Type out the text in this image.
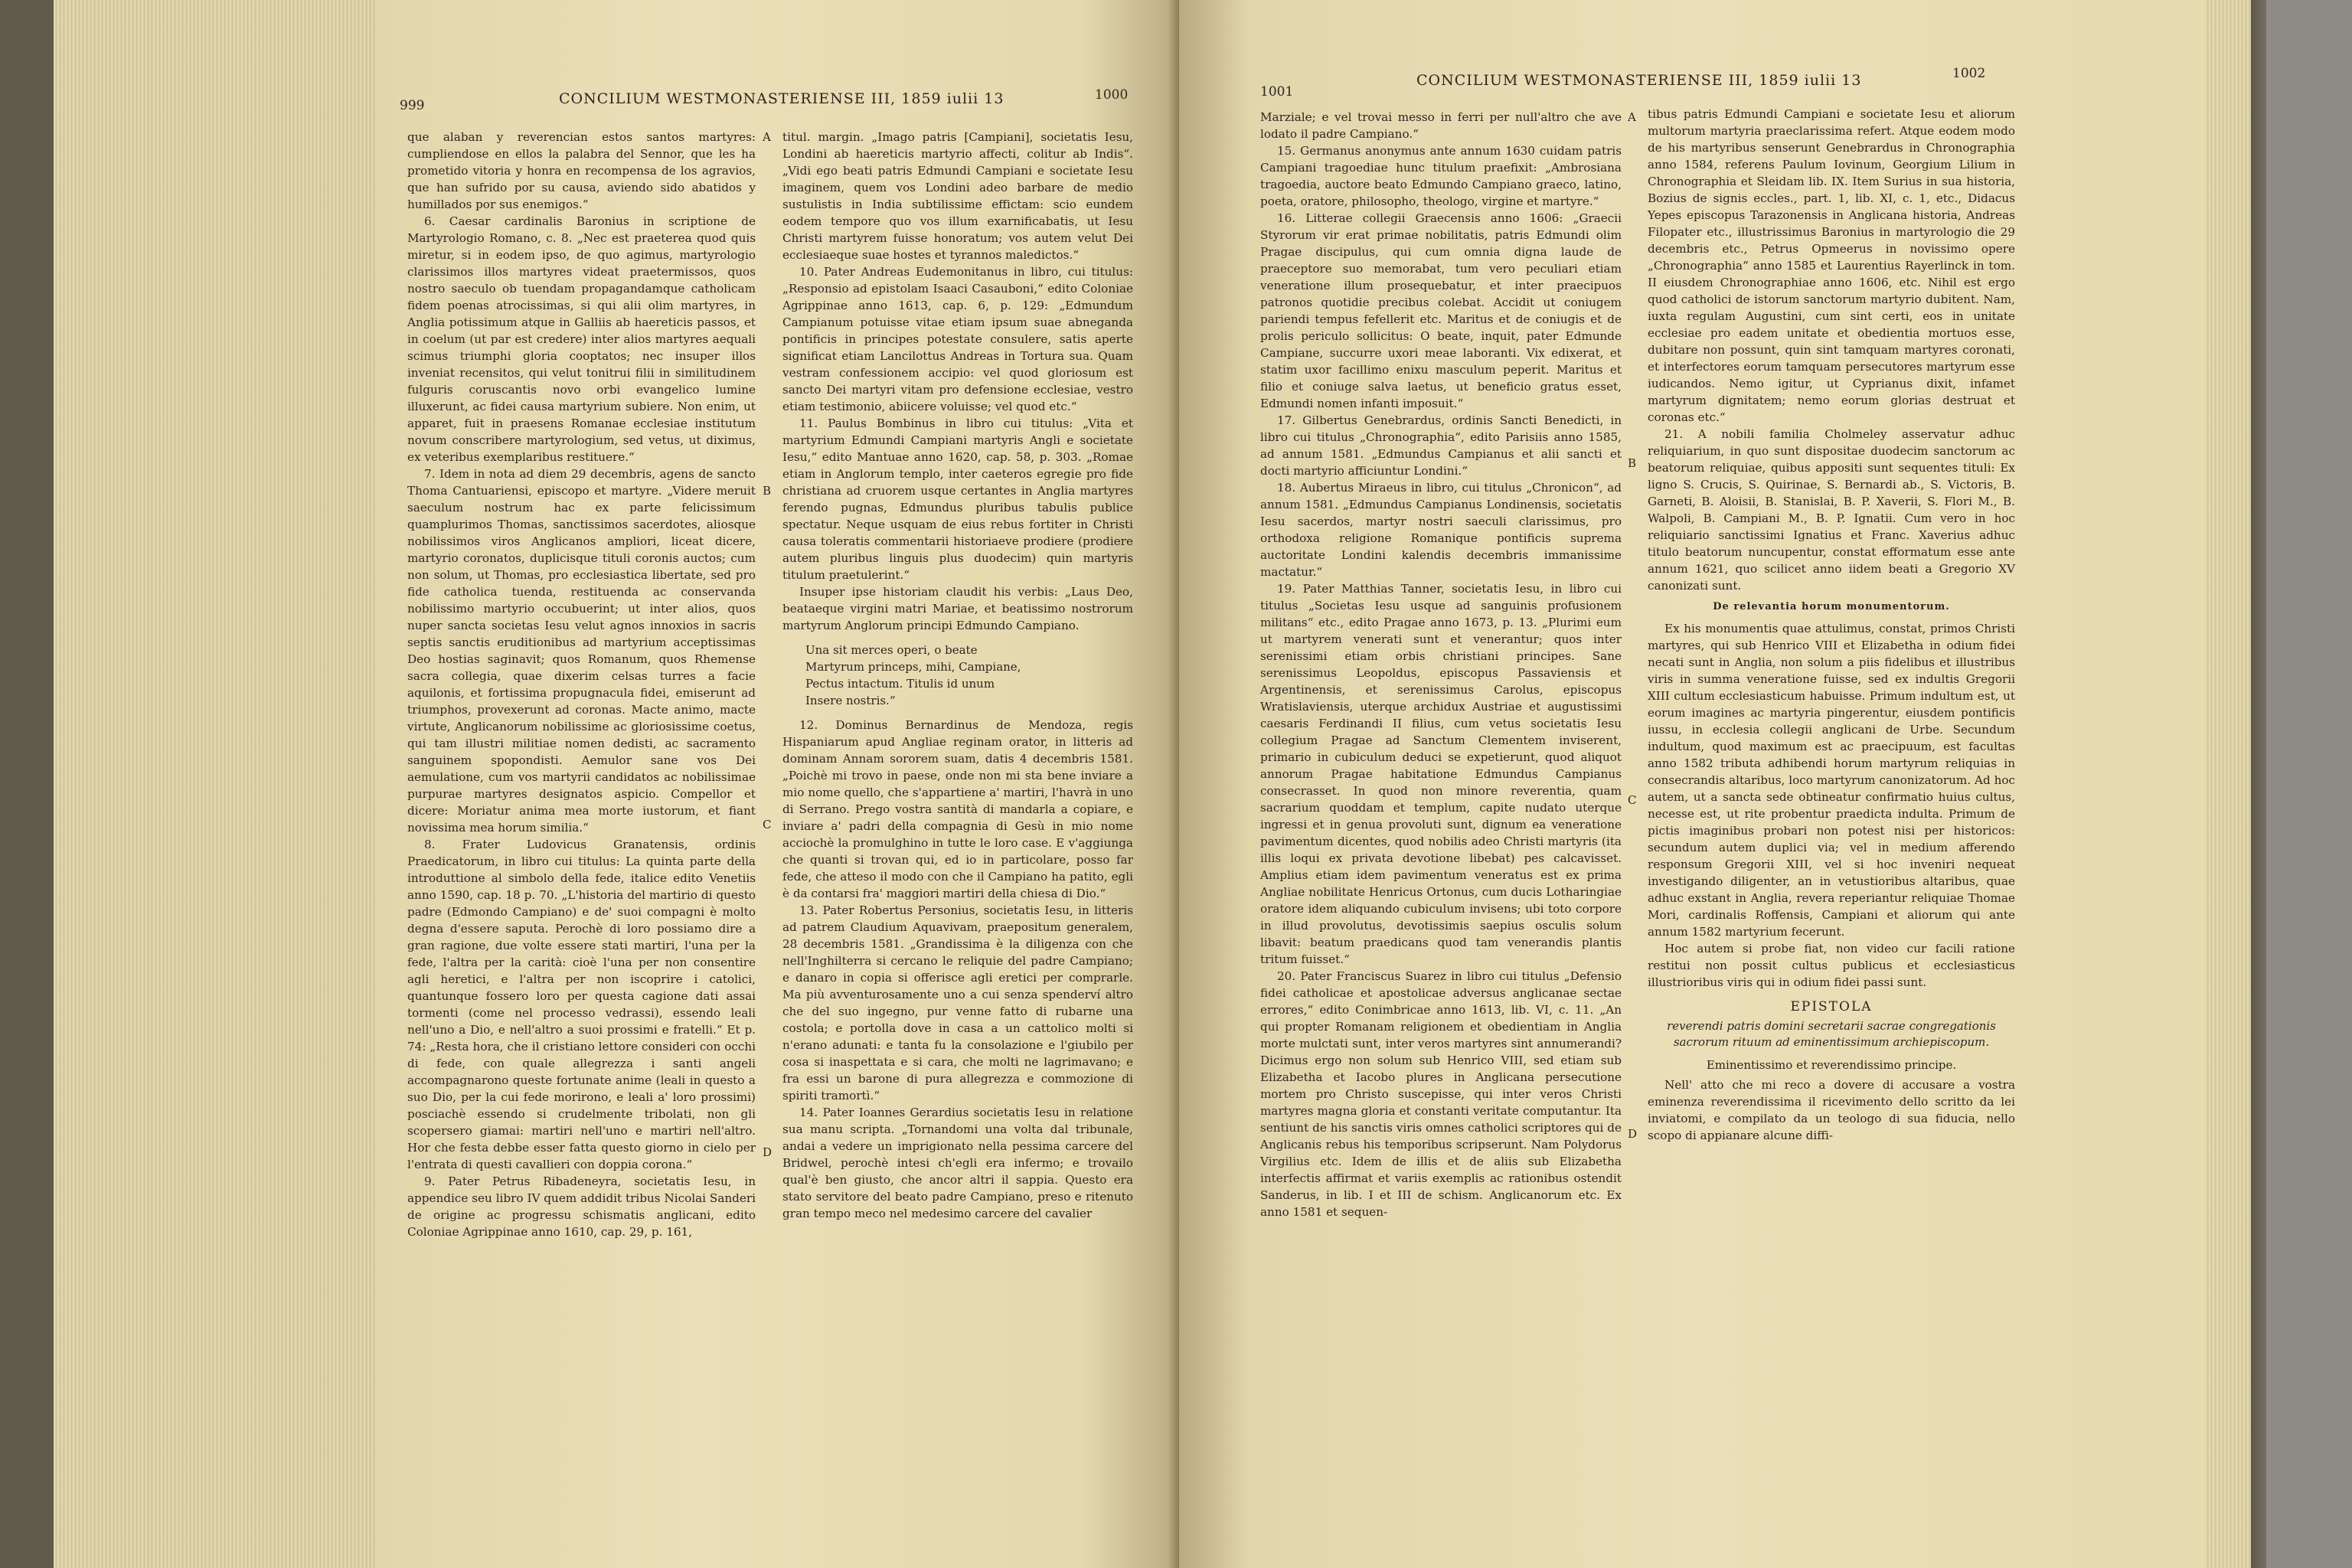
999	CONCILIUM WESTMONASTERIENSE III, 1859 iulii 13	1000

que alaban y reverencian estos santos martyres: cumpliendose en ellos la palabra del Sennor, que les ha prometido vitoria y honra en recompensa de los agravios, que han sufrido por su causa, aviendo sido abatidos y humillados por sus enemigos.“

6. Caesar cardinalis Baronius in scriptione de Martyrologio Romano, c. 8. „Nec est praeterea quod quis miretur, si in eodem ipso, de quo agimus, martyrologio clarissimos illos martyres videat praetermissos, quos nostro saeculo ob tuendam propagandamque catholicam fidem poenas atrocissimas, si qui alii olim martyres, in Anglia potissimum atque in Galliis ab haereticis passos, et in coelum (ut par est credere) inter alios martyres aequali scimus triumphi gloria cooptatos; nec insuper illos inveniat recensitos, qui velut tonitrui filii in similitudinem fulguris coruscantis novo orbi evangelico lumine illuxerunt, ac fidei causa martyrium subiere. Non enim, ut apparet, fuit in praesens Romanae ecclesiae institutum novum conscribere martyrologium, sed vetus, ut diximus, ex veteribus exemplaribus restituere.“

7. Idem in nota ad diem 29 decembris, agens de sancto Thoma Cantuariensi, episcopo et martyre. „Videre meruit saeculum nostrum hac ex parte felicissimum quamplurimos Thomas, sanctissimos sacerdotes, aliosque nobilissimos viros Anglicanos ampliori, liceat dicere, martyrio coronatos, duplicisque tituli coronis auctos; cum non solum, ut Thomas, pro ecclesiastica libertate, sed pro fide catholica tuenda, restituenda ac conservanda nobilissimo martyrio occubuerint; ut inter alios, quos nuper sancta societas Iesu velut agnos innoxios in sacris septis sanctis eruditionibus ad martyrium acceptissimas Deo hostias saginavit; quos Romanum, quos Rhemense sacra collegia, quae dixerim celsas turres a facie aquilonis, et fortissima propugnacula fidei, emiserunt ad triumphos, provexerunt ad coronas. Macte animo, macte virtute, Anglicanorum nobilissime ac gloriosissime coetus, qui tam illustri militiae nomen dedisti, ac sacramento sanguinem spopondisti. Aemulor sane vos Dei aemulatione, cum vos martyrii candidatos ac nobilissimae purpurae martyres designatos aspicio. Compellor et dicere: Moriatur anima mea morte iustorum, et fiant novissima mea horum similia.“

8. Frater Ludovicus Granatensis, ordinis Praedicatorum, in libro cui titulus: La quinta parte della introduttione al simbolo della fede, italice edito Venetiis anno 1590, cap. 18 p. 70. „L'historia del martirio di questo padre (Edmondo Campiano) e de' suoi compagni è molto degna d'essere saputa. Perochè di loro possiamo dire a gran ragione, due volte essere stati martiri, l'una per la fede, l'altra per la carità: cioè l'una per non consentire agli heretici, e l'altra per non iscoprire i catolici, quantunque fossero loro per questa cagione dati assai tormenti (come nel processo vedrassi), essendo leali nell'uno a Dio, e nell'altro a suoi prossimi e fratelli.“ Et p. 74: „Resta hora, che il cristiano lettore consideri con occhi di fede, con quale allegrezza i santi angeli accompagnarono queste fortunate anime (leali in questo a suo Dio, per la cui fede morirono, e leali a' loro prossimi) posciachè essendo si crudelmente tribolati, non gli scopersero giamai: martiri nell'uno e martiri nell'altro. Hor che festa debbe esser fatta questo giorno in cielo per l'entrata di questi cavallieri con doppia corona.“

9. Pater Petrus Ribadeneyra, societatis Iesu, in appendice seu libro IV quem addidit tribus Nicolai Sanderi de origine ac progressu schismatis anglicani, edito Coloniae Agrippinae anno 1610, cap. 29, p. 161,

titul. margin. „Imago patris [Campiani], societatis Iesu, Londini ab haereticis martyrio affecti, colitur ab Indis“. „Vidi ego beati patris Edmundi Campiani e societate Iesu imaginem, quem vos Londini adeo barbare de medio sustulistis in India subtilissime effictam: scio eundem eodem tempore quo vos illum exarnificabatis, ut Iesu Christi martyrem fuisse honoratum; vos autem velut Dei ecclesiaeque suae hostes et tyrannos maledictos.“

10. Pater Andreas Eudemonitanus in libro, cui titulus: „Responsio ad epistolam Isaaci Casauboni,“ edito Coloniae Agrippinae anno 1613, cap. 6, p. 129: „Edmundum Campianum potuisse vitae etiam ipsum suae abneganda pontificis in principes potestate consulere, satis aperte significat etiam Lancilottus Andreas in Tortura sua. Quam vestram confessionem accipio: vel quod gloriosum est sancto Dei martyri vitam pro defensione ecclesiae, vestro etiam testimonio, abiicere voluisse; vel quod etc.“

11. Paulus Bombinus in libro cui titulus: „Vita et martyrium Edmundi Campiani martyris Angli e societate Iesu,“ edito Mantuae anno 1620, cap. 58, p. 303. „Romae etiam in Anglorum templo, inter caeteros egregie pro fide christiana ad cruorem usque certantes in Anglia martyres ferendo pugnas, Edmundus pluribus tabulis publice spectatur. Neque usquam de eius rebus fortiter in Christi causa toleratis commentarii historiaeve prodiere (prodiere autem pluribus linguis plus duodecim) quin martyris titulum praetulerint.“

Insuper ipse historiam claudit his verbis: „Laus Deo, beataeque virgini matri Mariae, et beatissimo nostrorum martyrum Anglorum principi Edmundo Campiano.

Una sit merces operi, o beate
Martyrum princeps, mihi, Campiane,
Pectus intactum. Titulis id unum
Insere nostris.“

12. Dominus Bernardinus de Mendoza, regis Hispaniarum apud Angliae reginam orator, in litteris ad dominam Annam sororem suam, datis 4 decembris 1581. „Poichè mi trovo in paese, onde non mi sta bene inviare a mio nome quello, che s'appartiene a' martiri, l'havrà in uno di Serrano. Prego vostra santità di mandarla a copiare, e inviare a' padri della compagnia di Gesù in mio nome acciochè la promulghino in tutte le loro case. E v'aggiunga che quanti si trovan qui, ed io in particolare, posso far fede, che atteso il modo con che il Campiano ha patito, egli è da contarsi fra' maggiori martiri della chiesa di Dio.“

13. Pater Robertus Personius, societatis Iesu, in litteris ad patrem Claudium Aquavivam, praepositum generalem, 28 decembris 1581. „Grandissima è la diligenza con che nell'Inghilterra si cercano le reliquie del padre Campiano; e danaro in copia si offerisce agli eretici per comprarle. Ma più avventurosamente uno a cui senza spenderví altro che del suo ingegno, pur venne fatto di rubarne una costola; e portolla dove in casa a un cattolico molti si n'erano adunati: e tanta fu la consolazione e l'giubilo per cosa si inaspettata e si cara, che molti ne lagrimavano; e fra essi un barone di pura allegrezza e commozione di spiriti tramortì.“

14. Pater Ioannes Gerardius societatis Iesu in relatione sua manu scripta. „Tornandomi una volta dal tribunale, andai a vedere un imprigionato nella pessima carcere del Bridwel, perochè intesi ch'egli era infermo; e trovailo qual'è ben giusto, che ancor altri il sappia. Questo era stato servitore del beato padre Campiano, preso e ritenuto gran tempo meco nel medesimo carcere del cavalier

A
B
C
D
1001
CONCILIUM WESTMONASTERIENSE III, 1859 iulii 13	1002

Marziale; e vel trovai messo in ferri per null'altro che ave lodato il padre Campiano.“

15. Germanus anonymus ante annum 1630 cuidam patris Campiani tragoediae hunc titulum praefixit: „Ambrosiana tragoedia, auctore beato Edmundo Campiano graeco, latino, poeta, oratore, philosopho, theologo, virgine et martyre.“

16. Litterae collegii Graecensis anno 1606: „Graecii Styrorum vir erat primae nobilitatis, patris Edmundi olim Pragae discipulus, qui cum omnia digna laude de praeceptore suo memorabat, tum vero peculiari etiam veneratione illum prosequebatur, et inter praecipuos patronos quotidie precibus colebat. Accidit ut coniugem pariendi tempus fefellerit etc. Maritus et de coniugis et de prolis periculo sollicitus: O beate, inquit, pater Edmunde Campiane, succurre uxori meae laboranti. Vix edixerat, et statim uxor facillimo enixu masculum peperit. Maritus et filio et coniuge salva laetus, ut beneficio gratus esset, Edmundi nomen infanti imposuit.“

17. Gilbertus Genebrardus, ordinis Sancti Benedicti, in libro cui titulus „Chronographia“, edito Parisiis anno 1585, ad annum 1581. „Edmundus Campianus et alii sancti et docti martyrio afficiuntur Londini.“

18. Aubertus Miraeus in libro, cui titulus „Chronicon“, ad annum 1581. „Edmundus Campianus Londinensis, societatis Iesu sacerdos, martyr nostri saeculi clarissimus, pro orthodoxa religione Romanique pontificis suprema auctoritate Londini kalendis decembris immanissime mactatur.“

19. Pater Matthias Tanner, societatis Iesu, in libro cui titulus „Societas Iesu usque ad sanguinis profusionem militans“ etc., edito Pragae anno 1673, p. 13. „Plurimi eum ut martyrem venerati sunt et venerantur; quos inter serenissimi etiam orbis christiani principes. Sane serenissimus Leopoldus, episcopus Passaviensis et Argentinensis, et serenissimus Carolus, episcopus Wratislaviensis, uterque archidux Austriae et augustissimi caesaris Ferdinandi II filius, cum vetus societatis Iesu collegium Pragae ad Sanctum Clementem inviserent, primario in cubiculum deduci se expetierunt, quod aliquot annorum Pragae habitatione Edmundus Campianus consecrasset. In quod non minore reverentia, quam sacrarium quoddam et templum, capite nudato uterque ingressi et in genua provoluti sunt, dignum ea veneratione pavimentum dicentes, quod nobilis adeo Christi martyris (ita illis loqui ex privata devotione libebat) pes calcavisset. Amplius etiam idem pavimentum veneratus est ex prima Angliae nobilitate Henricus Ortonus, cum ducis Lotharingiae oratore idem aliquando cubiculum invisens; ubi toto corpore in illud provolutus, devotissimis saepius osculis solum libavit: beatum praedicans quod tam venerandis plantis tritum fuisset.“

20. Pater Franciscus Suarez in libro cui titulus „Defensio fidei catholicae et apostolicae adversus anglicanae sectae errores,“ edito Conimbricae anno 1613, lib. VI, c. 11. „An qui propter Romanam religionem et obedientiam in Anglia morte mulctati sunt, inter veros martyres sint annumerandi? Dicimus ergo non solum sub Henrico VIII, sed etiam sub Elizabetha et Iacobo plures in Anglicana persecutione mortem pro Christo suscepisse, qui inter veros Christi martyres magna gloria et constanti veritate computantur. Ita sentiunt de his sanctis viris omnes catholici scriptores qui de Anglicanis rebus his temporibus scripserunt. Nam Polydorus Virgilius etc. Idem de illis et de aliis sub Elizabetha interfectis affirmat et variis exemplis ac rationibus ostendit Sanderus, in lib. I et III de schism. Anglicanorum etc. Ex anno 1581 et sequen-

tibus patris Edmundi Campiani e societate Iesu et aliorum multorum martyria praeclarissima refert. Atque eodem modo de his martyribus senserunt Genebrardus in Chronographia anno 1584, referens Paulum Iovinum, Georgium Lilium in Chronographia et Sleidam lib. IX. Item Surius in sua historia, Bozius de signis eccles., part. 1, lib. XI, c. 1, etc., Didacus Yepes episcopus Tarazonensis in Anglicana historia, Andreas Filopater etc., illustrissimus Baronius in martyrologio die 29 decembris etc., Petrus Opmeerus in novissimo opere „Chronographia“ anno 1585 et Laurentius Rayerlinck in tom. II eiusdem Chronographiae anno 1606, etc. Nihil est ergo quod catholici de istorum sanctorum martyrio dubitent. Nam, iuxta regulam Augustini, cum sint certi, eos in unitate ecclesiae pro eadem unitate et obedientia mortuos esse, dubitare non possunt, quin sint tamquam martyres coronati, et interfectores eorum tamquam persecutores martyrum esse iudicandos. Nemo igitur, ut Cyprianus dixit, infamet martyrum dignitatem; nemo eorum glorias destruat et coronas etc.“

21. A nobili familia Cholmeley asservatur adhuc reliquiarium, in quo sunt dispositae duodecim sanctorum ac beatorum reliquiae, quibus appositi sunt sequentes tituli: Ex ligno S. Crucis, S. Quirinae, S. Bernardi ab., S. Victoris, B. Garneti, B. Aloisii, B. Stanislai, B. P. Xaverii, S. Flori M., B. Walpoli, B. Campiani M., B. P. Ignatii. Cum vero in hoc reliquiario sanctissimi Ignatius et Franc. Xaverius adhuc titulo beatorum nuncupentur, constat efformatum esse ante annum 1621, quo scilicet anno iidem beati a Gregorio XV canonizati sunt.

De relevantia horum monumentorum.

Ex his monumentis quae attulimus, constat, primos Christi martyres, qui sub Henrico VIII et Elizabetha in odium fidei necati sunt in Anglia, non solum a piis fidelibus et illustribus viris in summa veneratione fuisse, sed ex indultis Gregorii XIII cultum ecclesiasticum habuisse. Primum indultum est, ut eorum imagines ac martyria pingerentur, eiusdem pontificis iussu, in ecclesia collegii anglicani de Urbe. Secundum indultum, quod maximum est ac praecipuum, est facultas anno 1582 tributa adhibendi horum martyrum reliquias in consecrandis altaribus, loco martyrum canonizatorum. Ad hoc autem, ut a sancta sede obtineatur confirmatio huius cultus, necesse est, ut rite probentur praedicta indulta. Primum de pictis imaginibus probari non potest nisi per historicos: secundum autem duplici via; vel in medium afferendo responsum Gregorii XIII, vel si hoc inveniri nequeat investigando diligenter, an in vetustioribus altaribus, quae adhuc exstant in Anglia, revera reperiantur reliquiae Thomae Mori, cardinalis Roffensis, Campiani et aliorum qui ante annum 1582 martyrium fecerunt.

Hoc autem si probe fiat, non video cur facili ratione restitui non possit cultus publicus et ecclesiasticus illustrioribus viris qui in odium fidei passi sunt.

EPISTOLA
reverendi patris domini secretarii sacrae congregationis sacrorum rituum ad eminentissimum archiepiscopum.
Eminentissimo et reverendissimo principe.

Nell' atto che mi reco a dovere di accusare a vostra eminenza reverendissima il ricevimento dello scritto da lei inviatomi, e compilato da un teologo di sua fiducia, nello scopo di appianare alcune diffi-

A
B
C
D
